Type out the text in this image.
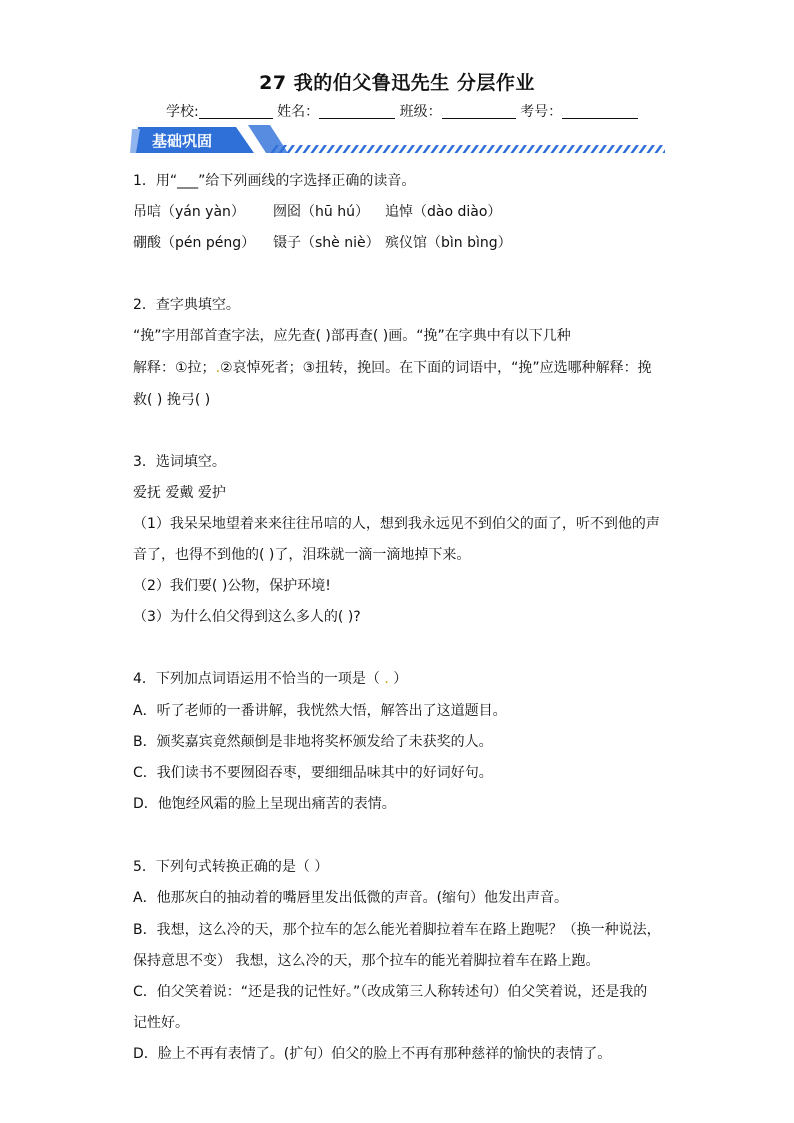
27 我的伯父鲁迅先生 分层作业
学校:	姓名：	班级：	考号：
基础巩固
1．用“___”给下列画线的字选择正确的读音。
吊唁（yán yàn） 囫囵（hū hú） 追悼（dào diào）
硼酸（pén péng） 镊子（shè niè） 殡仪馆（bìn bìng）
2．查字典填空。
“挽”字用部首查字法，应先查( )部再查( )画。“挽”在字典中有以下几种
解释：①拉；.②哀悼死者；③扭转，挽回。在下面的词语中，“挽”应选哪种解释：挽
救( ) 挽弓( )
3．选词填空。
爱抚 爱戴 爱护
（1）我呆呆地望着来来往往吊唁的人，想到我永远见不到伯父的面了，听不到他的声
音了，也得不到他的( )了，泪珠就一滴一滴地掉下来。
（2）我们要( )公物，保护环境!
（3）为什么伯父得到这么多人的( )?
4．下列加点词语运用不恰当的一项是（ . ）
A．听了老师的一番讲解，我恍然大悟，解答出了这道题目。
B．颁奖嘉宾竟然颠倒是非地将奖杯颁发给了未获奖的人。
C．我们读书不要囫囵吞枣，要细细品味其中的好词好句。
D．他饱经风霜的脸上呈现出痛苦的表情。
5．下列句式转换正确的是（ ）
A．他那灰白的抽动着的嘴唇里发出低微的声音。(缩句）他发出声音。
B．我想，这么冷的天，那个拉车的怎么能光着脚拉着车在路上跑呢？（换一种说法，
保持意思不变） 我想，这么冷的天，那个拉车的能光着脚拉着车在路上跑。
C．伯父笑着说：“还是我的记性好。”（改成第三人称转述句）伯父笑着说，还是我的
记性好。
D．脸上不再有表情了。(扩句）伯父的脸上不再有那种慈祥的愉快的表情了。
